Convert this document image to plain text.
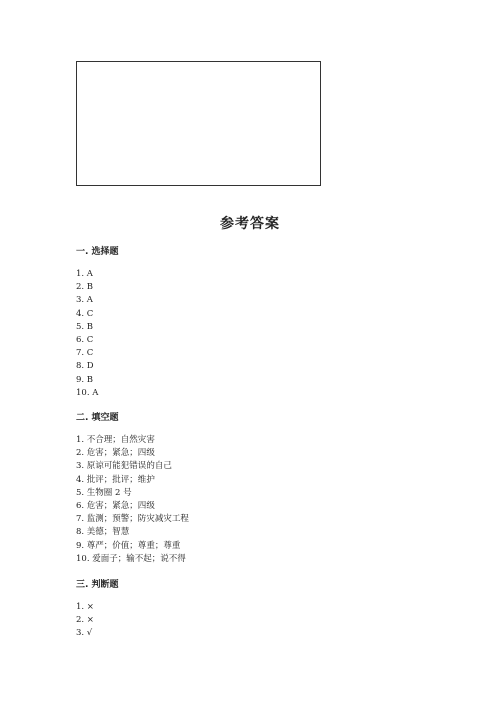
参考答案
一. 选择题
1. A
2. B
3. A
4. C
5. B
6. C
7. C
8. D
9. B
10. A
二. 填空题
1. 不合理；自然灾害
2. 危害；紧急；四级
3. 原谅可能犯错误的自己
4. 批评；批评；维护
5. 生物圈 2 号
6. 危害；紧急；四级
7. 监测；预警；防灾减灾工程
8. 美德；智慧
9. 尊严；价值；尊重；尊重
10. 爱面子；输不起；说不得
三. 判断题
1. ×
2. ×
3. √
